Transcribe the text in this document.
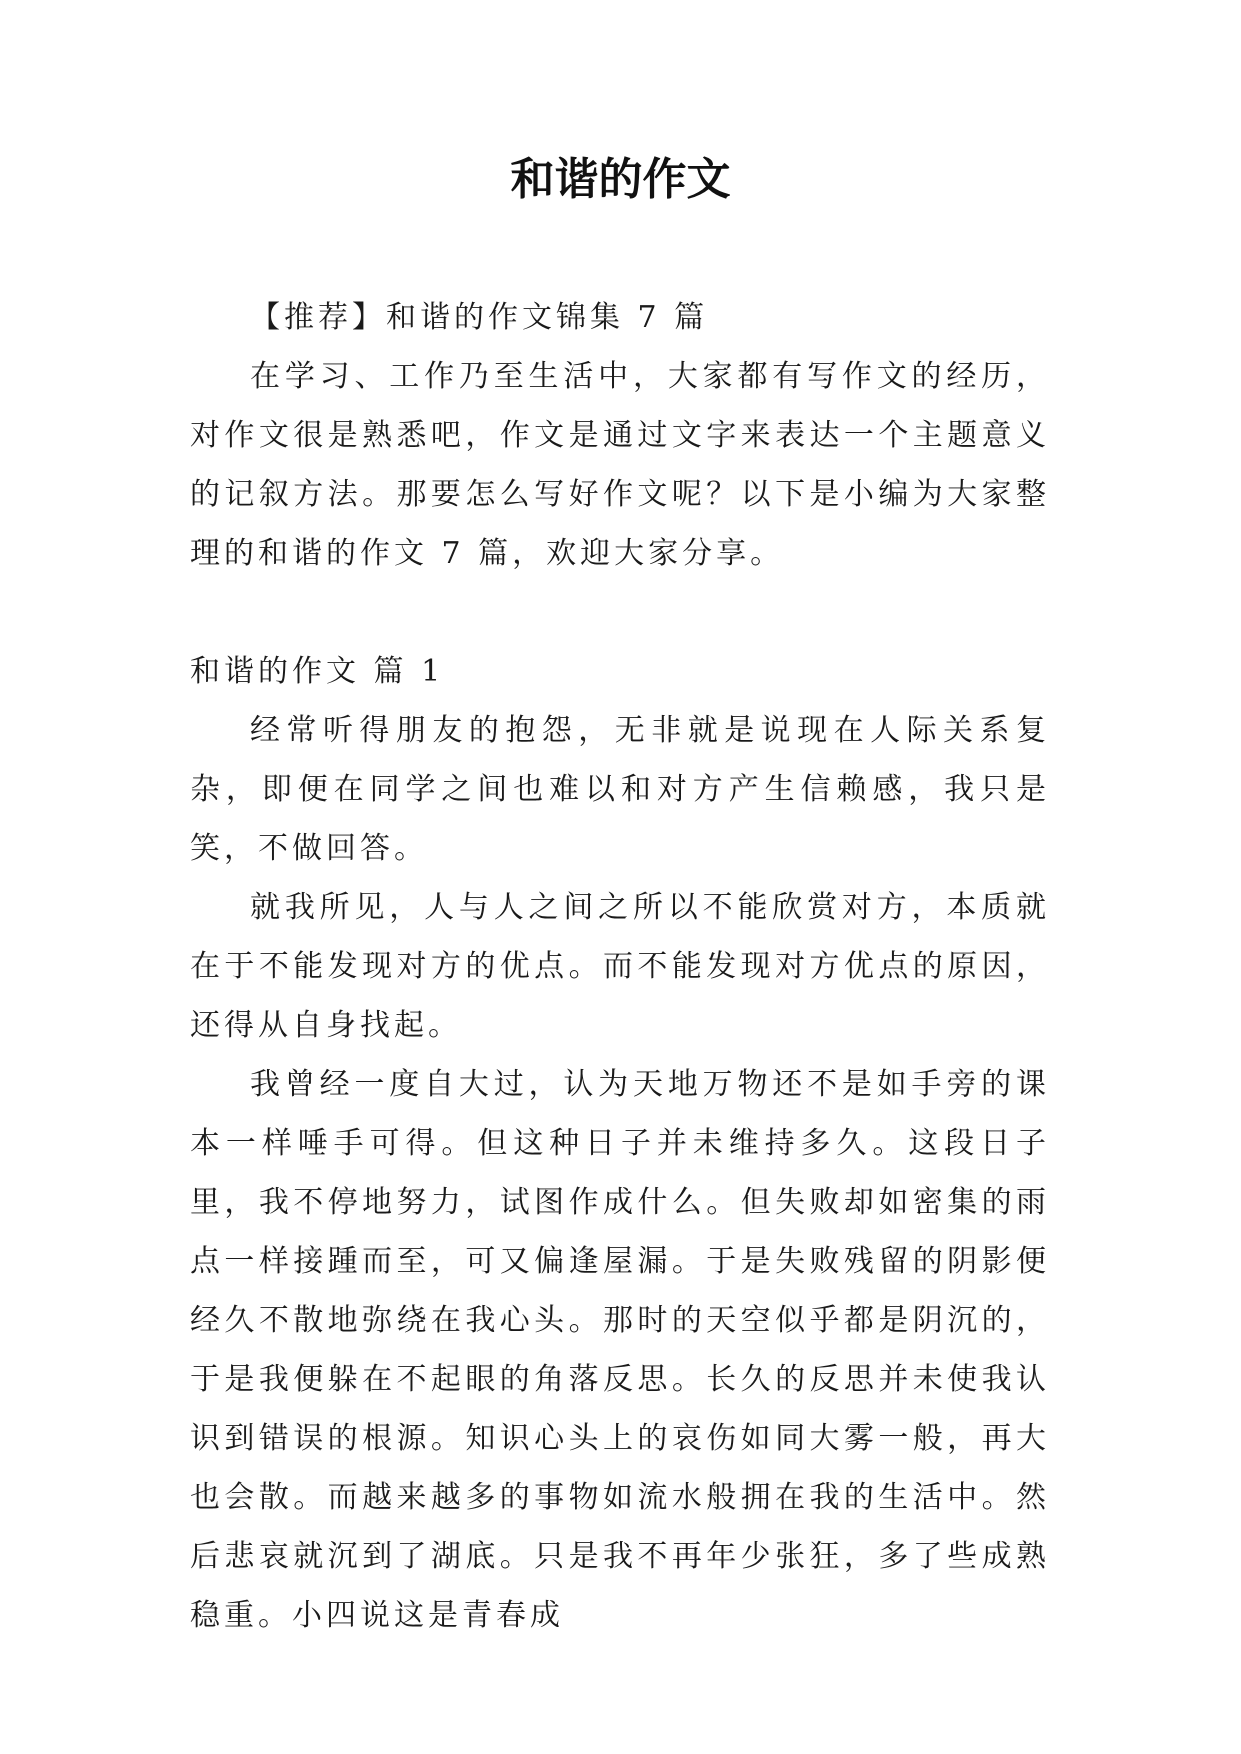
和谐的作文

【推荐】和谐的作文锦集 7 篇

在学习、工作乃至生活中，大家都有写作文的经历，对作文很是熟悉吧，作文是通过文字来表达一个主题意义的记叙方法。那要怎么写好作文呢？以下是小编为大家整理的和谐的作文 7 篇，欢迎大家分享。

和谐的作文 篇 1

经常听得朋友的抱怨，无非就是说现在人际关系复杂，即便在同学之间也难以和对方产生信赖感，我只是笑，不做回答。

就我所见，人与人之间之所以不能欣赏对方，本质就在于不能发现对方的优点。而不能发现对方优点的原因，还得从自身找起。

我曾经一度自大过，认为天地万物还不是如手旁的课本一样唾手可得。但这种日子并未维持多久。这段日子里，我不停地努力，试图作成什么。但失败却如密集的雨点一样接踵而至，可又偏逢屋漏。于是失败残留的阴影便经久不散地弥绕在我心头。那时的天空似乎都是阴沉的，于是我便躲在不起眼的角落反思。长久的反思并未使我认识到错误的根源。知识心头上的哀伤如同大雾一般，再大也会散。而越来越多的事物如流水般拥在我的生活中。然后悲哀就沉到了湖底。只是我不再年少张狂，多了些成熟稳重。小四说这是青春成
